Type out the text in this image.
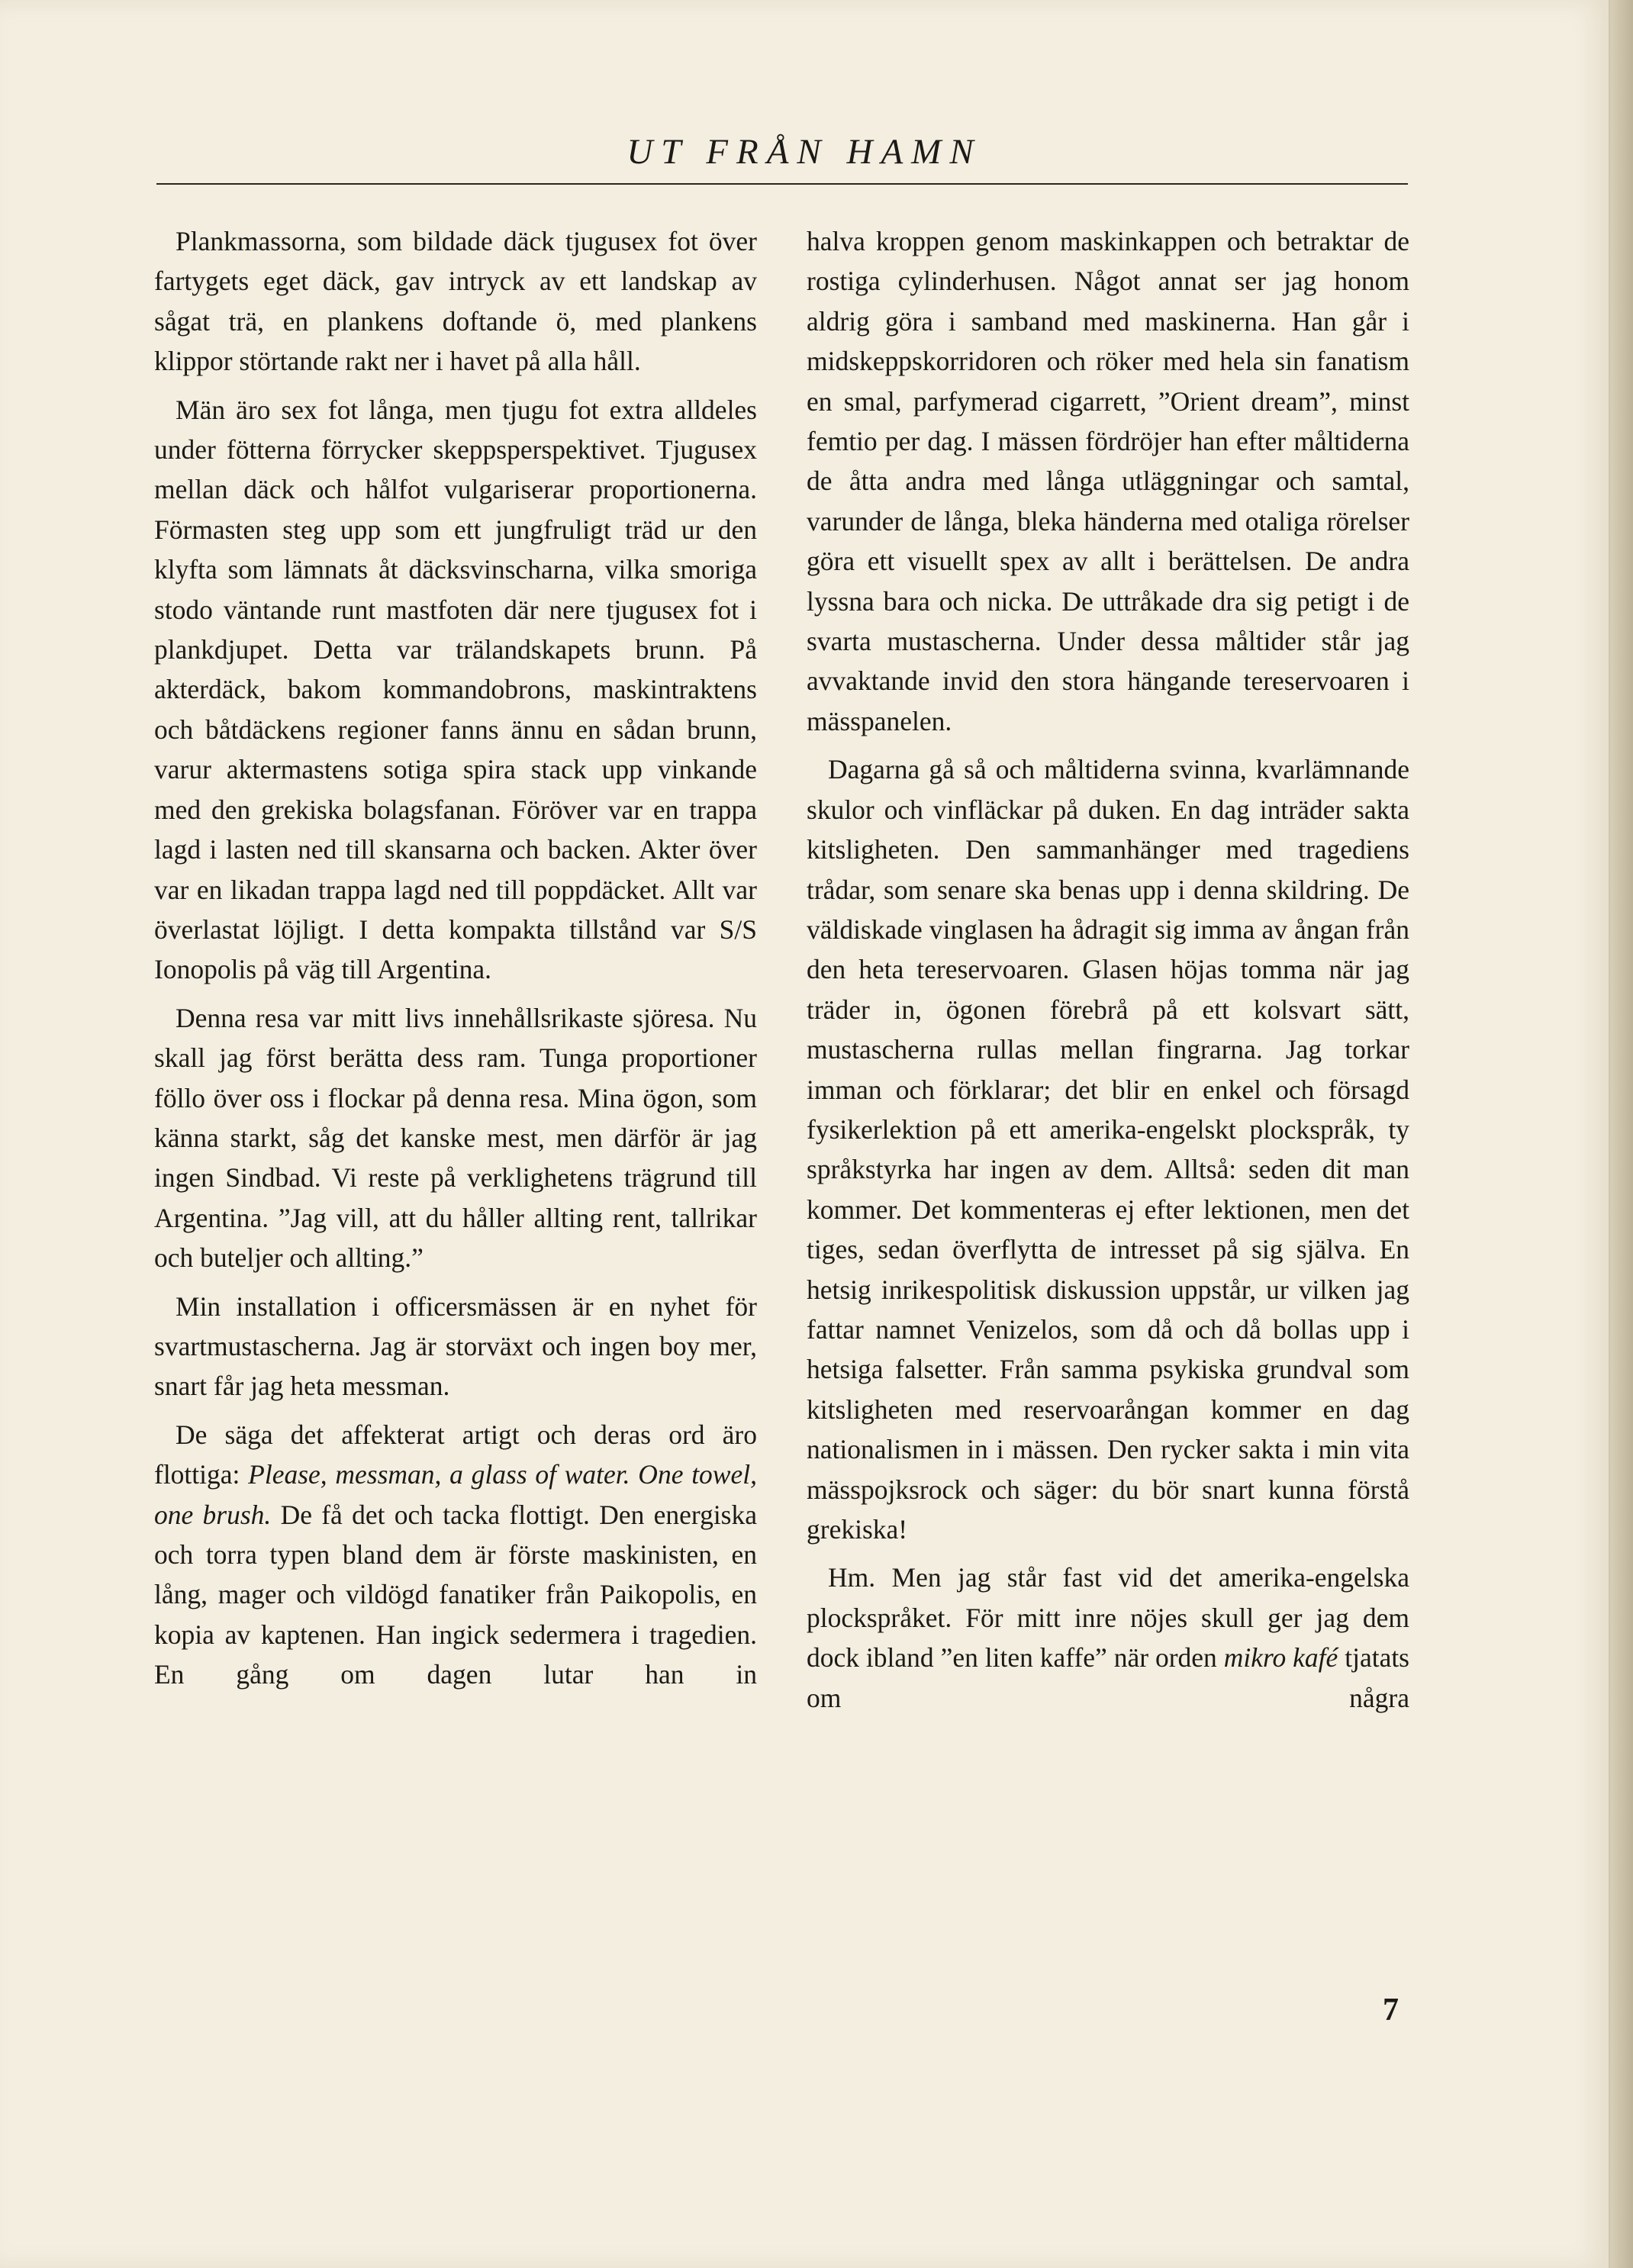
UT FRÅN HAMN

Plankmassorna, som bildade däck tjugusex fot över fartygets eget däck, gav intryck av ett landskap av sågat trä, en plankens doftande ö, med plankens klippor störtande rakt ner i havet på alla håll.

Män äro sex fot långa, men tjugu fot extra alldeles under fötterna förrycker skeppsperspektivet. Tjugusex mellan däck och hålfot vulgariserar proportionerna. Förmasten steg upp som ett jungfruligt träd ur den klyfta som lämnats åt däcksvinscharna, vilka smoriga stodo väntande runt mastfoten där nere tjugusex fot i plankdjupet. Detta var trälandskapets brunn. På akterdäck, bakom kommandobrons, maskintraktens och båtdäckens regioner fanns ännu en sådan brunn, varur aktermastens sotiga spira stack upp vinkande med den grekiska bolagsfanan. Föröver var en trappa lagd i lasten ned till skansarna och backen. Akter över var en likadan trappa lagd ned till poppdäcket. Allt var överlastat löjligt. I detta kompakta tillstånd var S/S Ionopolis på väg till Argentina.

Denna resa var mitt livs innehållsrikaste sjöresa. Nu skall jag först berätta dess ram. Tunga proportioner föllo över oss i flockar på denna resa. Mina ögon, som känna starkt, såg det kanske mest, men därför är jag ingen Sindbad. Vi reste på verklighetens trägrund till Argentina. ”Jag vill, att du håller allting rent, tallrikar och buteljer och allting.”

Min installation i officersmässen är en nyhet för svartmustascherna. Jag är storväxt och ingen boy mer, snart får jag heta messman.

De säga det affekterat artigt och deras ord äro flottiga: Please, messman, a glass of water. One towel, one brush. De få det och tacka flottigt. Den energiska och torra typen bland dem är förste maskinisten, en lång, mager och vildögd fanatiker från Paikopolis, en kopia av kaptenen. Han ingick sedermera i tragedien. En gång om dagen lutar han in

halva kroppen genom maskinkappen och betraktar de rostiga cylinderhusen. Något annat ser jag honom aldrig göra i samband med maskinerna. Han går i midskeppskorridoren och röker med hela sin fanatism en smal, parfymerad cigarrett, ”Orient dream”, minst femtio per dag. I mässen fördröjer han efter måltiderna de åtta andra med långa utläggningar och samtal, varunder de långa, bleka händerna med otaliga rörelser göra ett visuellt spex av allt i berättelsen. De andra lyssna bara och nicka. De uttråkade dra sig petigt i de svarta mustascherna. Under dessa måltider står jag avvaktande invid den stora hängande tereservoaren i mässpanelen.

Dagarna gå så och måltiderna svinna, kvarlämnande skulor och vinfläckar på duken. En dag inträder sakta kitsligheten. Den sammanhänger med tragediens trådar, som senare ska benas upp i denna skildring. De väldiskade vinglasen ha ådragit sig imma av ångan från den heta tereservoaren. Glasen höjas tomma när jag träder in, ögonen förebrå på ett kolsvart sätt, mustascherna rullas mellan fingrarna. Jag torkar imman och förklarar; det blir en enkel och försagd fysikerlektion på ett amerika-engelskt plockspråk, ty språkstyrka har ingen av dem. Alltså: seden dit man kommer. Det kommenteras ej efter lektionen, men det tiges, sedan överflytta de intresset på sig själva. En hetsig inrikespolitisk diskussion uppstår, ur vilken jag fattar namnet Venizelos, som då och då bollas upp i hetsiga falsetter. Från samma psykiska grundval som kitsligheten med reservoarångan kommer en dag nationalismen in i mässen. Den rycker sakta i min vita mässpojksrock och säger: du bör snart kunna förstå grekiska!

Hm. Men jag står fast vid det amerika-engelska plockspråket. För mitt inre nöjes skull ger jag dem dock ibland ”en liten kaffe” när orden mikro kafé tjatats om några

7
